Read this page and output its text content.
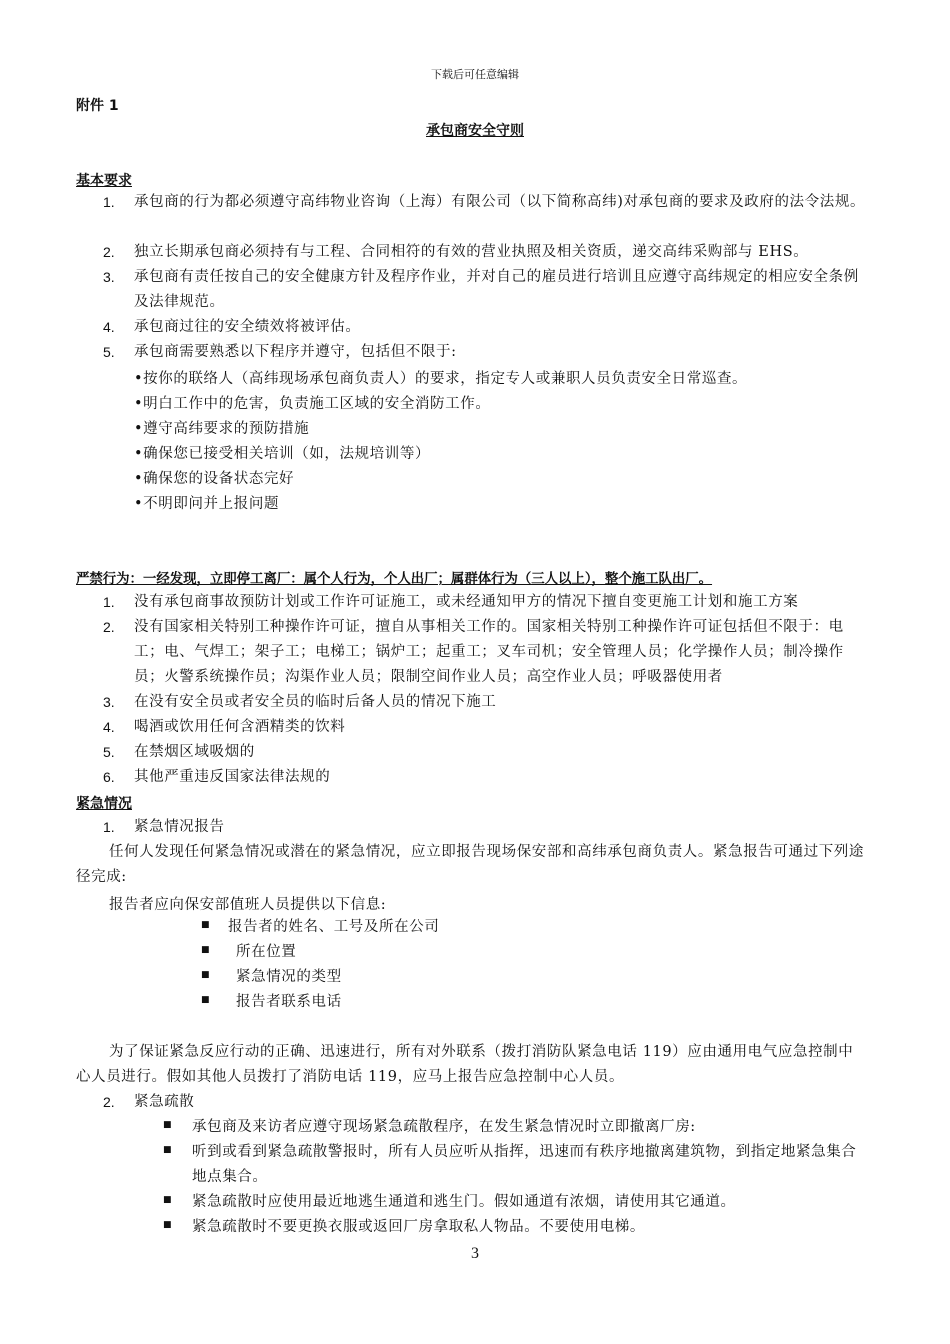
下载后可任意编辑
附件 1
承包商安全守则
基本要求
1.	承包商的行为都必须遵守高纬物业咨询（上海）有限公司（以下简称高纬)对承包商的要求及政府的法令法规。
2.	独立长期承包商必须持有与工程、合同相符的有效的营业执照及相关资质，递交高纬采购部与 EHS。
3.	承包商有责任按自己的安全健康方针及程序作业，并对自己的雇员进行培训且应遵守高纬规定的相应安全条例及法律规范。
4.	承包商过往的安全绩效将被评估。
5.	承包商需要熟悉以下程序并遵守，包括但不限于:
•按你的联络人（高纬现场承包商负责人）的要求，指定专人或兼职人员负责安全日常巡查。
•明白工作中的危害，负责施工区域的安全消防工作。
•遵守高纬要求的预防措施
•确保您已接受相关培训（如，法规培训等）
•确保您的设备状态完好
•不明即问并上报问题
严禁行为：一经发现，立即停工离厂：属个人行为，个人出厂；属群体行为（三人以上），整个施工队出厂。
1.	没有承包商事故预防计划或工作许可证施工，或未经通知甲方的情况下擅自变更施工计划和施工方案
2.	没有国家相关特别工种操作许可证，擅自从事相关工作的。国家相关特别工种操作许可证包括但不限于：电工；电、气焊工；架子工；电梯工；锅炉工；起重工；叉车司机；安全管理人员；化学操作人员；制冷操作员；火警系统操作员；沟渠作业人员；限制空间作业人员；高空作业人员；呼吸器使用者
3.	在没有安全员或者安全员的临时后备人员的情况下施工
4.	喝酒或饮用任何含酒精类的饮料
5.	在禁烟区域吸烟的
6.	其他严重违反国家法律法规的
紧急情况
1.	紧急情况报告
任何人发现任何紧急情况或潜在的紧急情况，应立即报告现场保安部和高纬承包商负责人。紧急报告可通过下列途径完成:
报告者应向保安部值班人员提供以下信息:
■ 报告者的姓名、工号及所在公司
■ 所在位置
■ 紧急情况的类型
■ 报告者联系电话
为了保证紧急反应行动的正确、迅速进行，所有对外联系（拨打消防队紧急电话 119）应由通用电气应急控制中心人员进行。假如其他人员拨打了消防电话 119，应马上报告应急控制中心人员。
2.	紧急疏散
■ 承包商及来访者应遵守现场紧急疏散程序，在发生紧急情况时立即撤离厂房:
■ 听到或看到紧急疏散警报时，所有人员应听从指挥，迅速而有秩序地撤离建筑物，到指定地紧急集合地点集合。
■ 紧急疏散时应使用最近地逃生通道和逃生门。假如通道有浓烟，请使用其它通道。
■ 紧急疏散时不要更换衣服或返回厂房拿取私人物品。不要使用电梯。
3
